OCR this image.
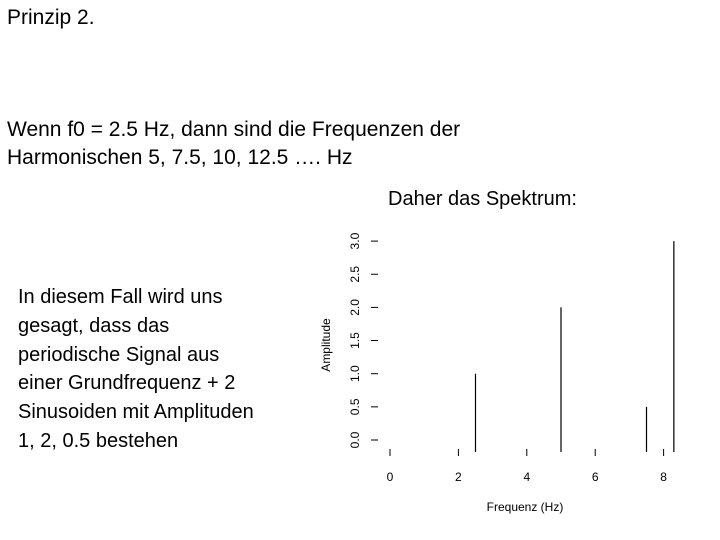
Prinzip 2.

Wenn f0 = 2.5 Hz, dann sind die Frequenzen der
Harmonischen 5, 7.5, 10, 12.5 …. Hz

Daher das Spektrum:

In diesem Fall wird uns
gesagt, dass das
periodische Signal aus
einer Grundfrequenz + 2
Sinusoiden mit Amplituden
1, 2, 0.5 bestehen	0.0
0.5
1.0
1.5
2.0
2.5
3.0
0	2	4	6	8
Amplitude
Frequenz (Hz)
